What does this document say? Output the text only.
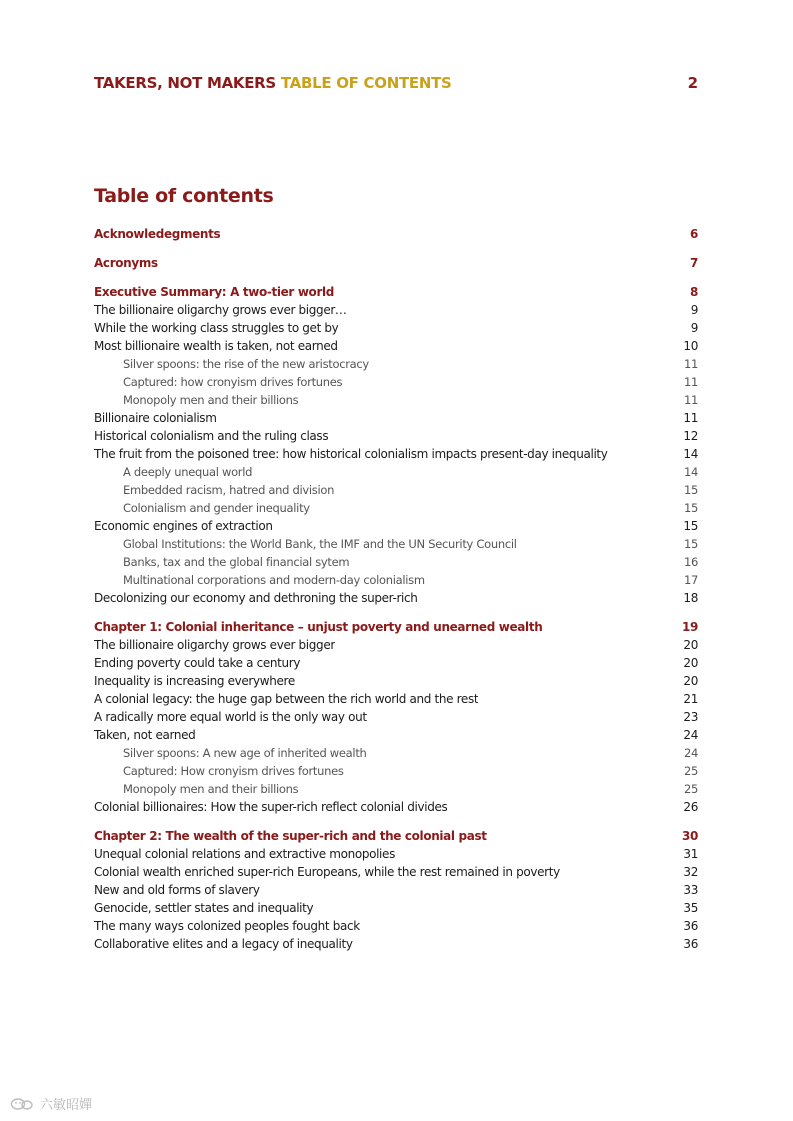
TAKERS, NOT MAKERS TABLE OF CONTENTS	2
Table of contents
Acknowledegments	6
Acronyms	7
Executive Summary: A two-tier world	8
The billionaire oligarchy grows ever bigger…	9
While the working class struggles to get by	9
Most billionaire wealth is taken, not earned	10
Silver spoons: the rise of the new aristocracy	11
Captured: how cronyism drives fortunes	11
Monopoly men and their billions	11
Billionaire colonialism	11
Historical colonialism and the ruling class	12
The fruit from the poisoned tree: how historical colonialism impacts present-day inequality	14
A deeply unequal world	14
Embedded racism, hatred and division	15
Colonialism and gender inequality	15
Economic engines of extraction	15
Global Institutions: the World Bank, the IMF and the UN Security Council	15
Banks, tax and the global financial sytem	16
Multinational corporations and modern-day colonialism	17
Decolonizing our economy and dethroning the super-rich	18
Chapter 1: Colonial inheritance – unjust poverty and unearned wealth	19
The billionaire oligarchy grows ever bigger	20
Ending poverty could take a century	20
Inequality is increasing everywhere	20
A colonial legacy: the huge gap between the rich world and the rest	21
A radically more equal world is the only way out	23
Taken, not earned	24
Silver spoons: A new age of inherited wealth	24
Captured: How cronyism drives fortunes	25
Monopoly men and their billions	25
Colonial billionaires: How the super-rich reflect colonial divides	26
Chapter 2: The wealth of the super-rich and the colonial past	30
Unequal colonial relations and extractive monopolies	31
Colonial wealth enriched super-rich Europeans, while the rest remained in poverty	32
New and old forms of slavery	33
Genocide, settler states and inequality	35
The many ways colonized peoples fought back	36
Collaborative elites and a legacy of inequality	36
六敏昭嬋
